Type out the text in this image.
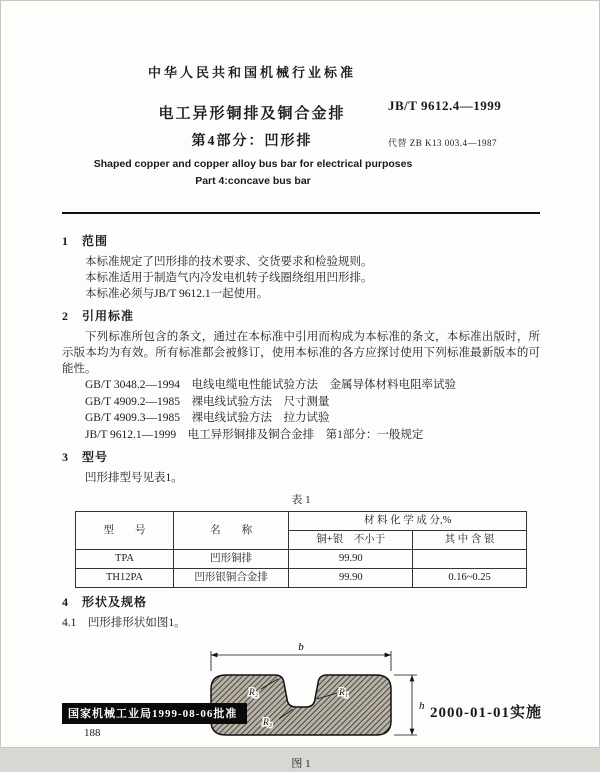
中华人民共和国机械行业标准
电工异形铜排及铜合金排
第4部分：凹形排
JB/T 9612.4—1999
代替 ZB K13 003.4—1987
Shaped copper and copper alloy bus bar for electrical purposes
Part 4:concave bus bar
1　范围

本标准规定了凹形排的技术要求、交货要求和检验规则。

本标准适用于制造气内冷发电机转子线圈绕组用凹形排。

本标准必须与JB/T 9612.1一起使用。

2　引用标准

下列标准所包含的条文，通过在本标准中引用而构成为本标准的条文，本标准出版时，所示版本均为有效。所有标准都会被修订，使用本标准的各方应探讨使用下列标准最新版本的可能性。

GB/T 3048.2—1994　电线电缆电性能试验方法　金属导体材料电阻率试验

GB/T 4909.2—1985　裸电线试验方法　尺寸测量

GB/T 4909.3—1985　裸电线试验方法　拉力试验

JB/T 9612.1—1999　电工异形铜排及铜合金排　第1部分：一般规定

3　型号

凹形排型号见表1。

表 1
型　　号	名　　称	材 料 化 学 成 分,%	
		铜+银　不小于	其 中 含 银
TPA	凹形铜排	99.90	
TH12PA	凹形银铜合金排	99.90	0.16~0.25
4　形状及规格

4.1　凹形排形状如图1。

b
h
R₂	R₁
R₃
图 1
国家机械工业局1999-08-06批准	2000-01-01实施
188
